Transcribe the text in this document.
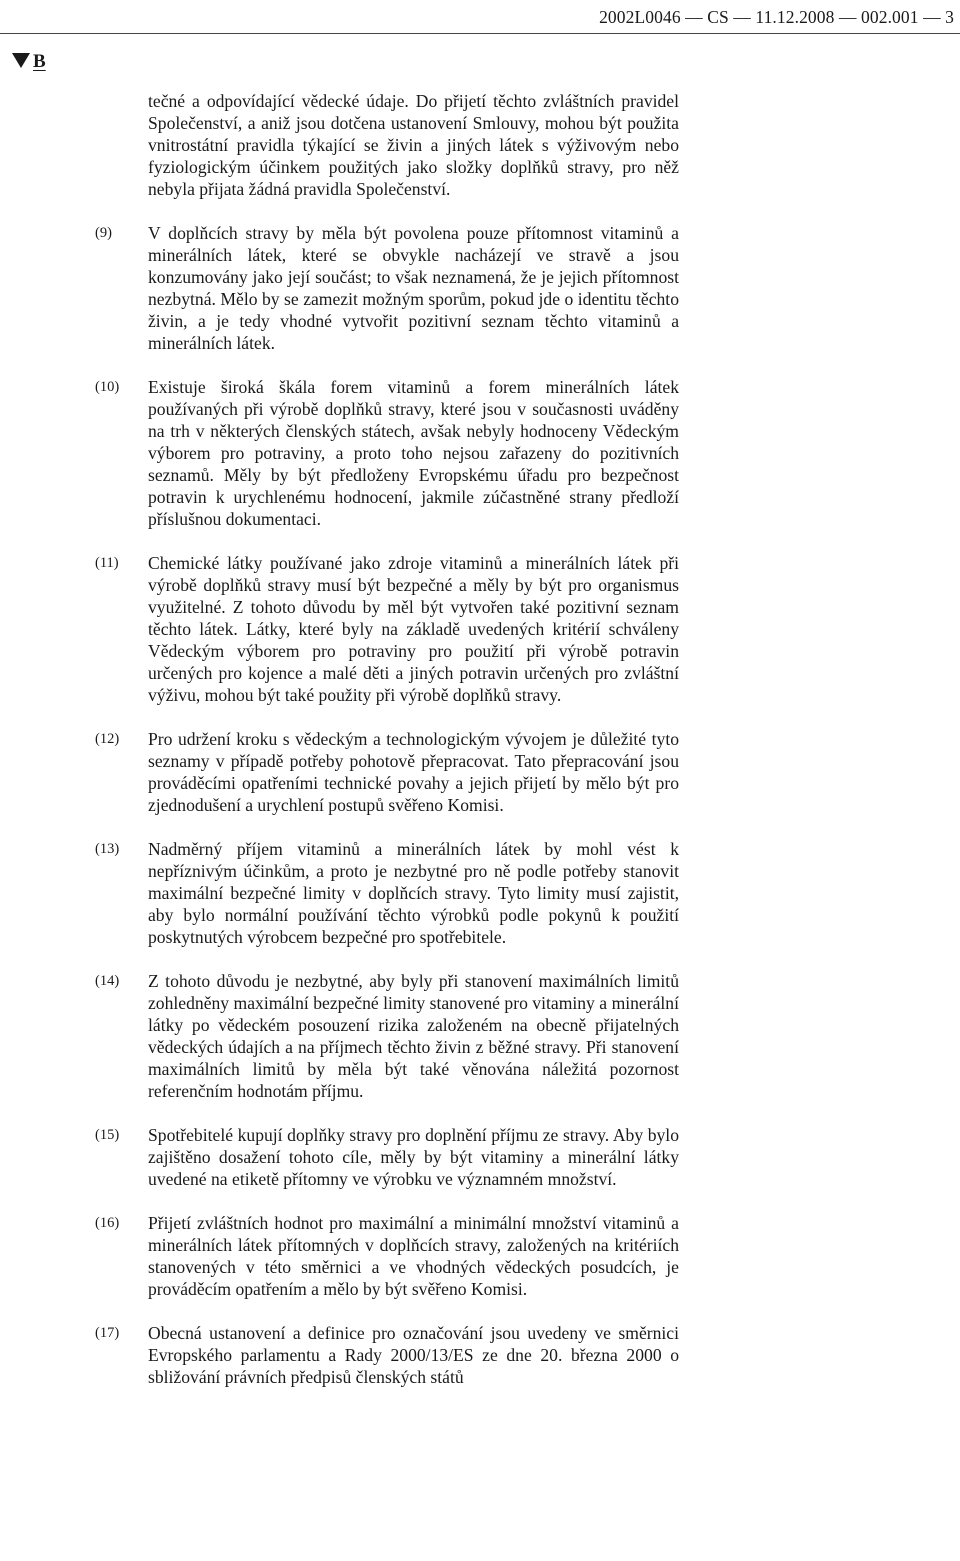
2002L0046 — CS — 11.12.2008 — 002.001 — 3
B
tečné a odpovídající vědecké údaje. Do přijetí těchto zvláštních pravidel Společenství, a aniž jsou dotčena ustanovení Smlouvy, mohou být použita vnitrostátní pravidla týkající se živin a jiných látek s výživovým nebo fyziologickým účinkem použitých jako složky doplňků stravy, pro něž nebyla přijata žádná pravidla Společenství.
(9)	V doplňcích stravy by měla být povolena pouze přítomnost vitaminů a minerálních látek, které se obvykle nacházejí ve stravě a jsou konzumovány jako její součást; to však neznamená, že je jejich přítomnost nezbytná. Mělo by se zamezit možným sporům, pokud jde o identitu těchto živin, a je tedy vhodné vytvořit pozitivní seznam těchto vitaminů a minerálních látek.
(10)	Existuje široká škála forem vitaminů a forem minerálních látek používaných při výrobě doplňků stravy, které jsou v současnosti uváděny na trh v některých členských státech, avšak nebyly hodnoceny Vědeckým výborem pro potraviny, a proto toho nejsou zařazeny do pozitivních seznamů. Měly by být předloženy Evropskému úřadu pro bezpečnost potravin k urychlenému hodnocení, jakmile zúčastněné strany předloží příslušnou dokumentaci.
(11)	Chemické látky používané jako zdroje vitaminů a minerálních látek při výrobě doplňků stravy musí být bezpečné a měly by být pro organismus využitelné. Z tohoto důvodu by měl být vytvořen také pozitivní seznam těchto látek. Látky, které byly na základě uvedených kritérií schváleny Vědeckým výborem pro potraviny pro použití při výrobě potravin určených pro kojence a malé děti a jiných potravin určených pro zvláštní výživu, mohou být také použity při výrobě doplňků stravy.
(12)	Pro udržení kroku s vědeckým a technologickým vývojem je důležité tyto seznamy v případě potřeby pohotově přepracovat. Tato přepracování jsou prováděcími opatřeními technické povahy a jejich přijetí by mělo být pro zjednodušení a urychlení postupů svěřeno Komisi.
(13)	Nadměrný příjem vitaminů a minerálních látek by mohl vést k nepříznivým účinkům, a proto je nezbytné pro ně podle potřeby stanovit maximální bezpečné limity v doplňcích stravy. Tyto limity musí zajistit, aby bylo normální používání těchto výrobků podle pokynů k použití poskytnutých výrobcem bezpečné pro spotřebitele.
(14)	Z tohoto důvodu je nezbytné, aby byly při stanovení maximálních limitů zohledněny maximální bezpečné limity stanovené pro vitaminy a minerální látky po vědeckém posouzení rizika založeném na obecně přijatelných vědeckých údajích a na příjmech těchto živin z běžné stravy. Při stanovení maximálních limitů by měla být také věnována náležitá pozornost referenčním hodnotám příjmu.
(15)	Spotřebitelé kupují doplňky stravy pro doplnění příjmu ze stravy. Aby bylo zajištěno dosažení tohoto cíle, měly by být vitaminy a minerální látky uvedené na etiketě přítomny ve výrobku ve významném množství.
(16)	Přijetí zvláštních hodnot pro maximální a minimální množství vitaminů a minerálních látek přítomných v doplňcích stravy, založených na kritériích stanovených v této směrnici a ve vhodných vědeckých posudcích, je prováděcím opatřením a mělo by být svěřeno Komisi.
(17)	Obecná ustanovení a definice pro označování jsou uvedeny ve směrnici Evropského parlamentu a Rady 2000/13/ES ze dne 20. března 2000 o sbližování právních předpisů členských států
